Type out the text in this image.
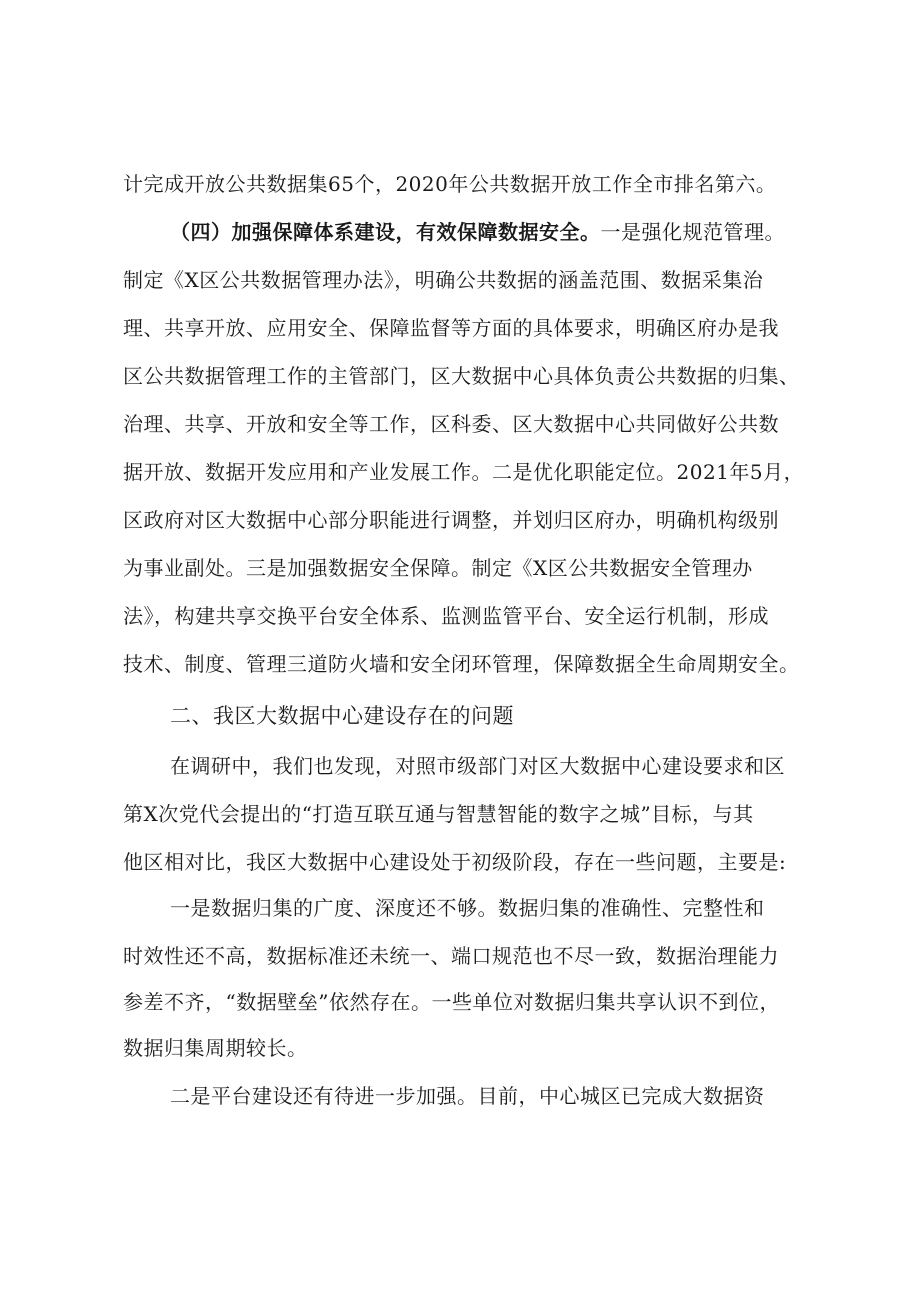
计完成开放公共数据集65个，2020年公共数据开放工作全市排名第六。
（四）加强保障体系建设，有效保障数据安全。一是强化规范管理。
制定《X区公共数据管理办法》，明确公共数据的涵盖范围、数据采集治
理、共享开放、应用安全、保障监督等方面的具体要求，明确区府办是我
区公共数据管理工作的主管部门，区大数据中心具体负责公共数据的归集、
治理、共享、开放和安全等工作，区科委、区大数据中心共同做好公共数
据开放、数据开发应用和产业发展工作。二是优化职能定位。2021年5月，
区政府对区大数据中心部分职能进行调整，并划归区府办，明确机构级别
为事业副处。三是加强数据安全保障。制定《X区公共数据安全管理办
法》，构建共享交换平台安全体系、监测监管平台、安全运行机制，形成
技术、制度、管理三道防火墙和安全闭环管理，保障数据全生命周期安全。
二、我区大数据中心建设存在的问题
在调研中，我们也发现，对照市级部门对区大数据中心建设要求和区
第X次党代会提出的“打造互联互通与智慧智能的数字之城”目标，与其
他区相对比，我区大数据中心建设处于初级阶段，存在一些问题，主要是:
一是数据归集的广度、深度还不够。数据归集的准确性、完整性和
时效性还不高，数据标准还未统一、端口规范也不尽一致，数据治理能力
参差不齐，“数据壁垒”依然存在。一些单位对数据归集共享认识不到位，
数据归集周期较长。
二是平台建设还有待进一步加强。目前，中心城区已完成大数据资
